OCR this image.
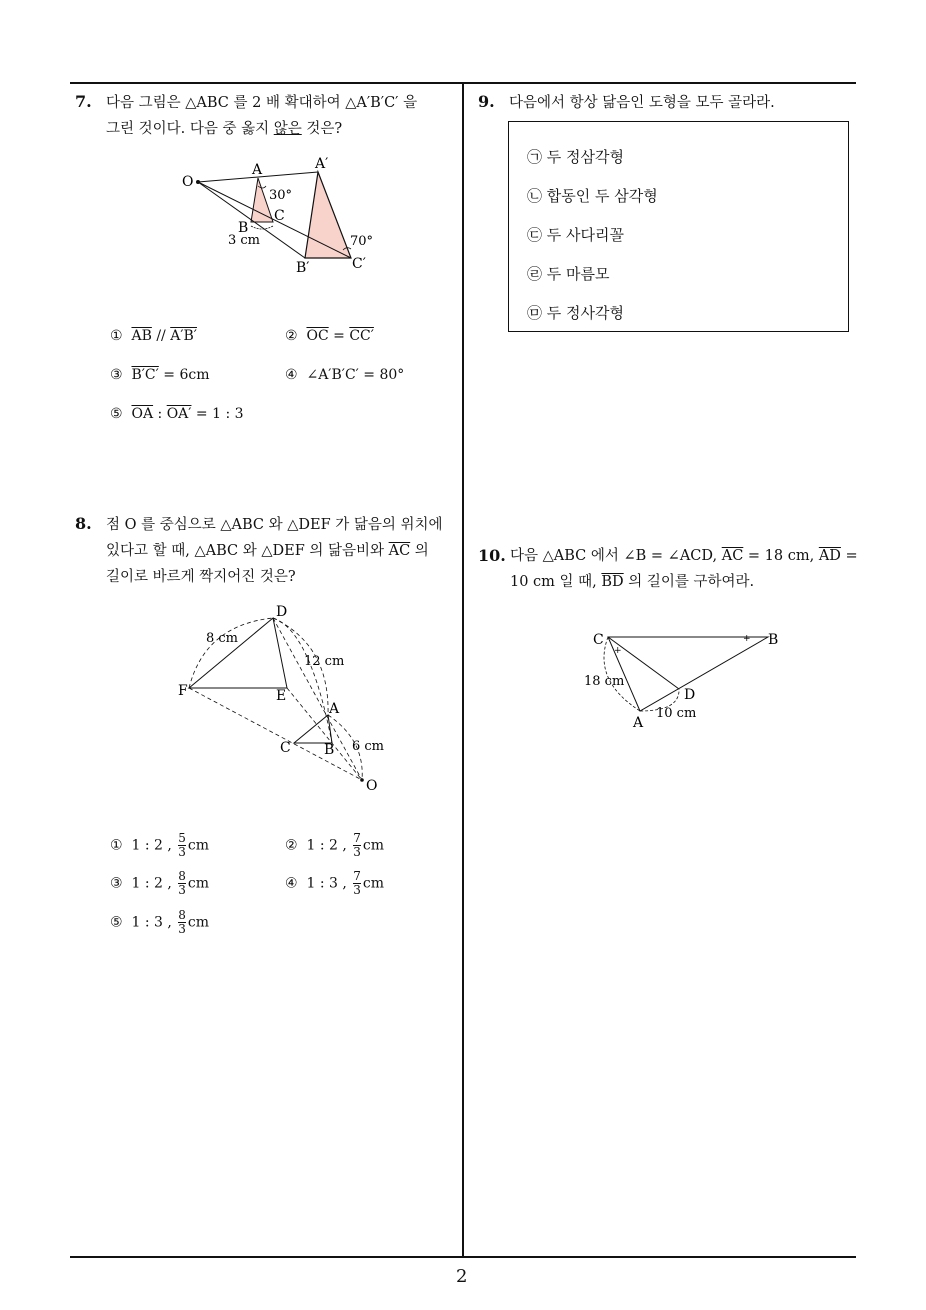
2
7. 다음 그림은 △ABC 를 2 배 확대하여 △A′B′C′ 을
그린 것이다. 다음 중 옳지 않은 것은?
O
A	A′
30°
C
B
3 cm	70°
B′	C′
① $\overline{AB} // A'B'$	② $\overline{OC} = CC'$
③ B′C′ = 6cm	④ ∠A′B′C′ = 80°
⑤ $\overline{OA}$ : OA′ = 1 : 3
8. 점 O 를 중심으로 △ABC 와 △DEF 가 닮음의 위치에
있다고 할 때, △ABC 와 △DEF 의 닮음비와 $\overline{AC}$ 의
길이로 바르게 짝지어진 것은?
D
8 cm
12 cm
F	E
A
C B 6 cm
O
① 1 : 2 , $\frac{5}{3}$ cm	② 1 : 2 , $\frac{7}{3}$ cm
③ 1 : 2 , $\frac{8}{3}$ cm	④ 1 : 3 , $\frac{7}{3}$ cm
⑤ 1 : 3 , $\frac{8}{3}$ cm
9. 다음에서 항상 닮음인 도형을 모두 골라라.
㉠ 두 정삼각형
㉡ 합동인 두 삼각형
㉢ 두 사다리꼴
㉣ 두 마름모
㉤ 두 정사각형
10. 다음 △ABC 에서 ∠B = ∠ACD, $\overline{AC} = 18$ cm, $\overline{AD}$ =
10 cm 일 때, $\overline{BD}$ 의 길이를 구하여라.
+
+
C	B
18 cm
D
10 cm
A
